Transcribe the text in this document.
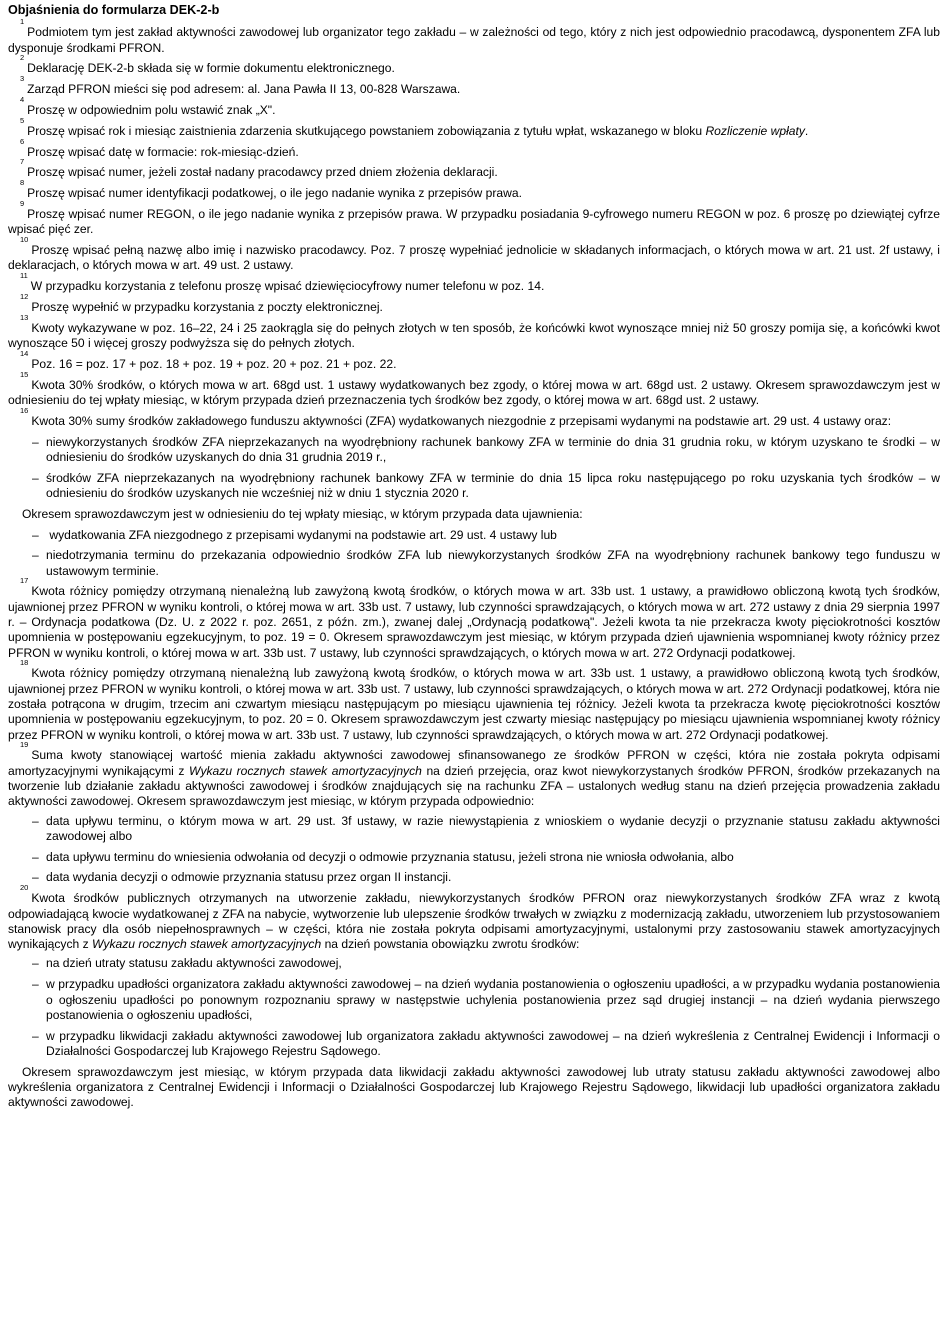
Objaśnienia do formularza DEK-2-b

$^1$Podmiotem tym jest zakład aktywności zawodowej lub organizator tego zakładu – w zależności od tego, który z nich jest odpowiednio pracodawcą, dysponentem ZFA lub dysponuje środkami PFRON.

$^2$Deklarację DEK-2-b składa się w formie dokumentu elektronicznego.

$^3$Zarząd PFRON mieści się pod adresem: al. Jana Pawła II 13, 00-828 Warszawa.

$^4$Proszę w odpowiednim polu wstawić znak „X".

$^5$Proszę wpisać rok i miesiąc zaistnienia zdarzenia skutkującego powstaniem zobowiązania z tytułu wpłat, wskazanego w bloku Rozliczenie wpłaty.

$^6$Proszę wpisać datę w formacie: rok-miesiąc-dzień.

$^7$Proszę wpisać numer, jeżeli został nadany pracodawcy przed dniem złożenia deklaracji.

$^8$Proszę wpisać numer identyfikacji podatkowej, o ile jego nadanie wynika z przepisów prawa.

$^9$Proszę wpisać numer REGON, o ile jego nadanie wynika z przepisów prawa. W przypadku posiadania 9-cyfrowego numeru REGON w poz. 6 proszę po dziewiątej cyfrze wpisać pięć zer.

$^{10}$Proszę wpisać pełną nazwę albo imię i nazwisko pracodawcy. Poz. 7 proszę wypełniać jednolicie w składanych informacjach, o których mowa w art. 21 ust. 2f ustawy, i deklaracjach, o których mowa w art. 49 ust. 2 ustawy.

$^{11}$W przypadku korzystania z telefonu proszę wpisać dziewięciocyfrowy numer telefonu w poz. 14.

$^{12}$Proszę wypełnić w przypadku korzystania z poczty elektronicznej.

$^{13}$Kwoty wykazywane w poz. 16–22, 24 i 25 zaokrągla się do pełnych złotych w ten sposób, że końcówki kwot wynoszące mniej niż 50 groszy pomija się, a końcówki kwot wynoszące 50 i więcej groszy podwyższa się do pełnych złotych.

$^{14}$Poz. 16 = poz. 17 + poz. 18 + poz. 19 + poz. 20 + poz. 21 + poz. 22.

$^{15}$Kwota 30% środków, o których mowa w art. 68gd ust. 1 ustawy wydatkowanych bez zgody, o której mowa w art. 68gd ust. 2 ustawy. Okresem sprawozdawczym jest w odniesieniu do tej wpłaty miesiąc, w którym przypada dzień przeznaczenia tych środków bez zgody, o której mowa w art. 68gd ust. 2 ustawy.

$^{16}$Kwota 30% sumy środków zakładowego funduszu aktywności (ZFA) wydatkowanych niezgodnie z przepisami wydanymi na podstawie art. 29 ust. 4 ustawy oraz:

– niewykorzystanych środków ZFA nieprzekazanych na wyodrębniony rachunek bankowy ZFA w terminie do dnia 31 grudnia roku, w którym uzyskano te środki – w odniesieniu do środków uzyskanych do dnia 31 grudnia 2019 r.,
– środków ZFA nieprzekazanych na wyodrębniony rachunek bankowy ZFA w terminie do dnia 15 lipca roku następującego po roku uzyskania tych środków – w odniesieniu do środków uzyskanych nie wcześniej niż w dniu 1 stycznia 2020 r.

Okresem sprawozdawczym jest w odniesieniu do tej wpłaty miesiąc, w którym przypada data ujawnienia:

–  wydatkowania ZFA niezgodnego z przepisami wydanymi na podstawie art. 29 ust. 4 ustawy lub
– niedotrzymania terminu do przekazania odpowiednio środków ZFA lub niewykorzystanych środków ZFA na wyodrębniony rachunek bankowy tego funduszu w ustawowym terminie.

$^{17}$Kwota różnicy pomiędzy otrzymaną nienależną lub zawyżoną kwotą środków, o których mowa w art. 33b ust. 1 ustawy, a prawidłowo obliczoną kwotą tych środków, ujawnionej przez PFRON w wyniku kontroli, o której mowa w art. 33b ust. 7 ustawy, lub czynności sprawdzających, o których mowa w art. 272 ustawy z dnia 29 sierpnia 1997 r. – Ordynacja podatkowa (Dz. U. z 2022 r. poz. 2651, z późn. zm.), zwanej dalej „Ordynacją podatkową". Jeżeli kwota ta nie przekracza kwoty pięciokrotności kosztów upomnienia w postępowaniu egzekucyjnym, to poz. 19 = 0. Okresem sprawozdawczym jest miesiąc, w którym przypada dzień ujawnienia wspomnianej kwoty różnicy przez PFRON w wyniku kontroli, o której mowa w art. 33b ust. 7 ustawy, lub czynności sprawdzających, o których mowa w art. 272 Ordynacji podatkowej.

$^{18}$Kwota różnicy pomiędzy otrzymaną nienależną lub zawyżoną kwotą środków, o których mowa w art. 33b ust. 1 ustawy, a prawidłowo obliczoną kwotą tych środków, ujawnionej przez PFRON w wyniku kontroli, o której mowa w art. 33b ust. 7 ustawy, lub czynności sprawdzających, o których mowa w art. 272 Ordynacji podatkowej, która nie została potrącona w drugim, trzecim ani czwartym miesiącu następującym po miesiącu ujawnienia tej różnicy. Jeżeli kwota ta przekracza kwotę pięciokrotności kosztów upomnienia w postępowaniu egzekucyjnym, to poz. 20 = 0. Okresem sprawozdawczym jest czwarty miesiąc następujący po miesiącu ujawnienia wspomnianej kwoty różnicy przez PFRON w wyniku kontroli, o której mowa w art. 33b ust. 7 ustawy, lub czynności sprawdzających, o których mowa w art. 272 Ordynacji podatkowej.

$^{19}$Suma kwoty stanowiącej wartość mienia zakładu aktywności zawodowej sfinansowanego ze środków PFRON w części, która nie została pokryta odpisami amortyzacyjnymi wynikającymi z Wykazu rocznych stawek amortyzacyjnych na dzień przejęcia, oraz kwot niewykorzystanych środków PFRON, środków przekazanych na tworzenie lub działanie zakładu aktywności zawodowej i środków znajdujących się na rachunku ZFA – ustalonych według stanu na dzień przejęcia prowadzenia zakładu aktywności zawodowej. Okresem sprawozdawczym jest miesiąc, w którym przypada odpowiednio:

– data upływu terminu, o którym mowa w art. 29 ust. 3f ustawy, w razie niewystąpienia z wnioskiem o wydanie decyzji o przyznanie statusu zakładu aktywności zawodowej albo
– data upływu terminu do wniesienia odwołania od decyzji o odmowie przyznania statusu, jeżeli strona nie wniosła odwołania, albo
– data wydania decyzji o odmowie przyznania statusu przez organ II instancji.

$^{20}$Kwota środków publicznych otrzymanych na utworzenie zakładu, niewykorzystanych środków PFRON oraz niewykorzystanych środków ZFA wraz z kwotą odpowiadającą kwocie wydatkowanej z ZFA na nabycie, wytworzenie lub ulepszenie środków trwałych w związku z modernizacją zakładu, utworzeniem lub przystosowaniem stanowisk pracy dla osób niepełnosprawnych – w części, która nie została pokryta odpisami amortyzacyjnymi, ustalonymi przy zastosowaniu stawek amortyzacyjnych wynikających z Wykazu rocznych stawek amortyzacyjnych na dzień powstania obowiązku zwrotu środków:

– na dzień utraty statusu zakładu aktywności zawodowej,
– w przypadku upadłości organizatora zakładu aktywności zawodowej – na dzień wydania postanowienia o ogłoszeniu upadłości, a w przypadku wydania postanowienia o ogłoszeniu upadłości po ponownym rozpoznaniu sprawy w następstwie uchylenia postanowienia przez sąd drugiej instancji – na dzień wydania pierwszego postanowienia o ogłoszeniu upadłości,
– w przypadku likwidacji zakładu aktywności zawodowej lub organizatora zakładu aktywności zawodowej – na dzień wykreślenia z Centralnej Ewidencji i Informacji o Działalności Gospodarczej lub Krajowego Rejestru Sądowego.

Okresem sprawozdawczym jest miesiąc, w którym przypada data likwidacji zakładu aktywności zawodowej lub utraty statusu zakładu aktywności zawodowej albo wykreślenia organizatora z Centralnej Ewidencji i Informacji o Działalności Gospodarczej lub Krajowego Rejestru Sądowego, likwidacji lub upadłości organizatora zakładu aktywności zawodowej.
